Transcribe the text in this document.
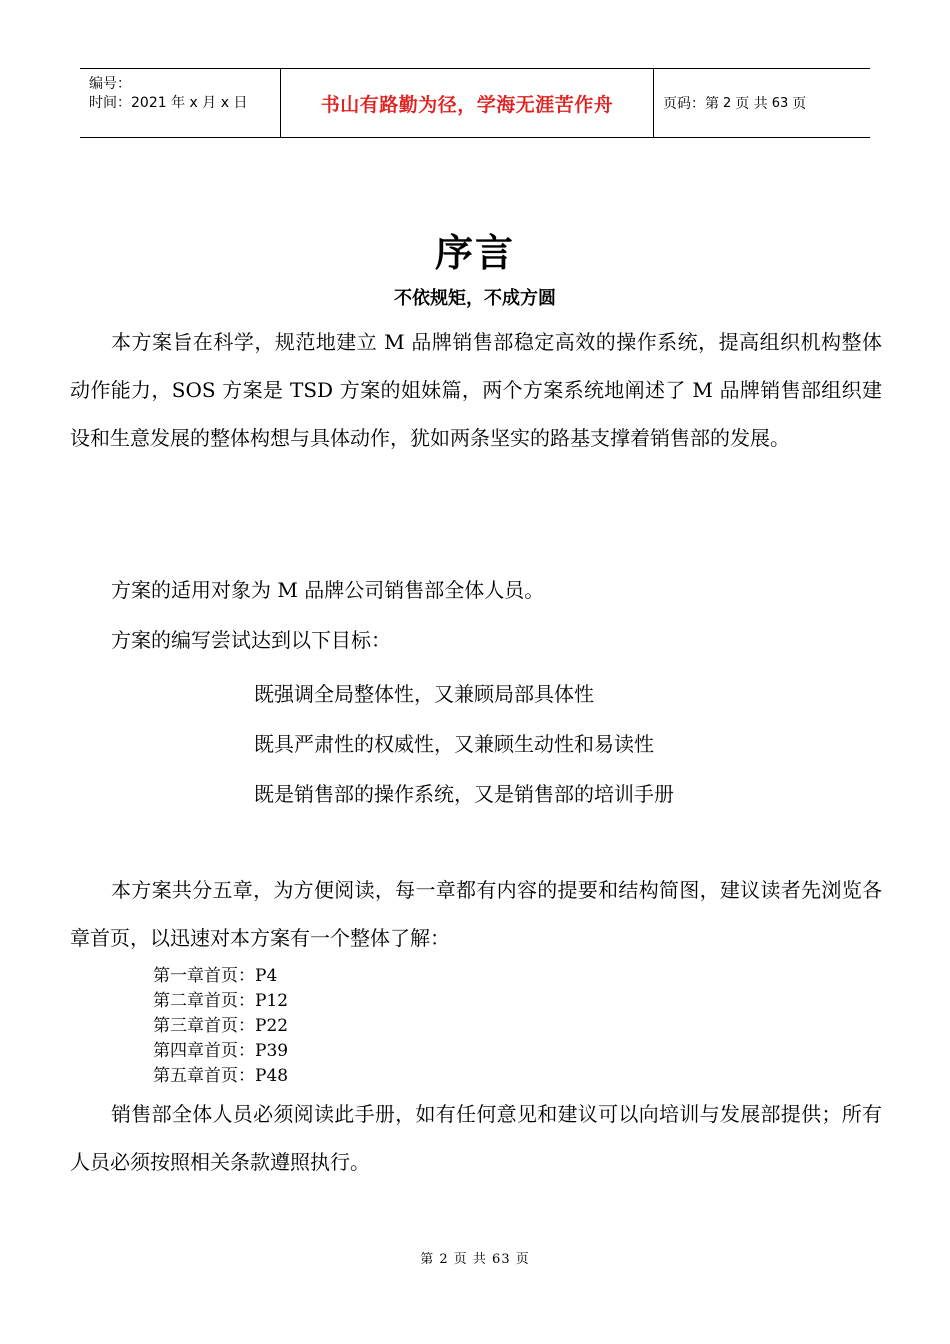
编号：
时间：2021 年 x 月 x 日	书山有路勤为径，学海无涯苦作舟	页码：第 2 页 共 63 页
序言
不依规矩，不成方圆

本方案旨在科学，规范地建立 M 品牌销售部稳定高效的操作系统，提高组织机构整体动作能力，SOS 方案是 TSD 方案的姐妹篇，两个方案系统地阐述了 M 品牌销售部组织建设和生意发展的整体构想与具体动作，犹如两条坚实的路基支撑着销售部的发展。

方案的适用对象为 M 品牌公司销售部全体人员。

方案的编写尝试达到以下目标：

既强调全局整体性，又兼顾局部具体性
既具严肃性的权威性，又兼顾生动性和易读性
既是销售部的操作系统，又是销售部的培训手册

本方案共分五章，为方便阅读，每一章都有内容的提要和结构简图，建议读者先浏览各章首页，以迅速对本方案有一个整体了解：

第一章首页：P4
第二章首页：P12
第三章首页：P22
第四章首页：P39
第五章首页：P48

销售部全体人员必须阅读此手册，如有任何意见和建议可以向培训与发展部提供；所有人员必须按照相关条款遵照执行。

第 2 页 共 63 页
